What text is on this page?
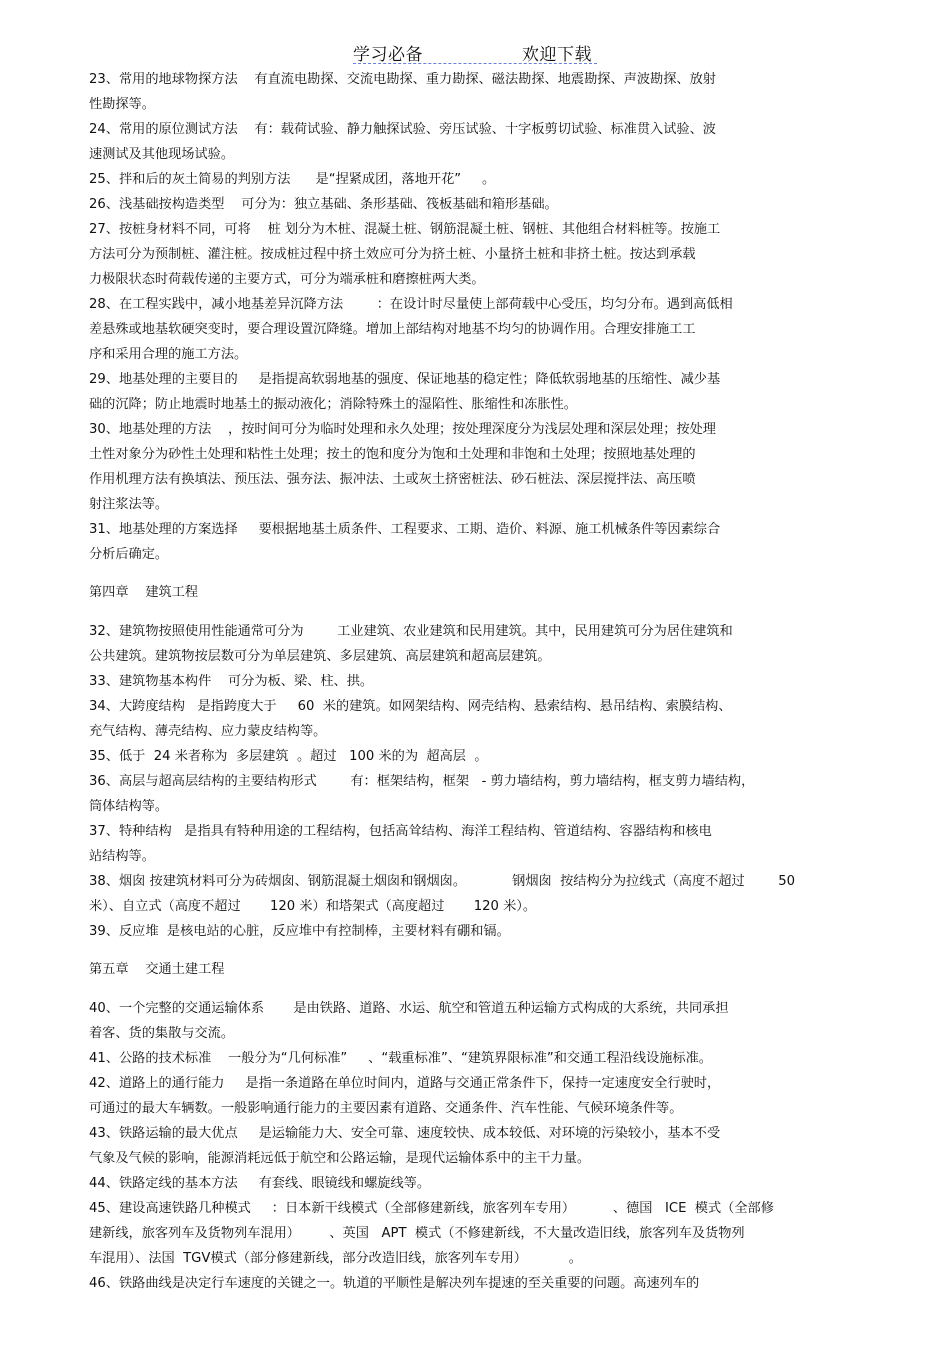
学习必备	欢迎下载
23、常用的地球物探方法    有直流电勘探、交流电勘探、重力勘探、磁法勘探、地震勘探、声波勘探、放射
性勘探等。
24、常用的原位测试方法    有：载荷试验、静力触探试验、旁压试验、十字板剪切试验、标准贯入试验、波
速测试及其他现场试验。
25、拌和后的灰土简易的判别方法      是“捏紧成团，落地开花”     。
26、浅基础按构造类型    可分为：独立基础、条形基础、筏板基础和箱形基础。
27、按桩身材料不同，可将    桩 划分为木桩、混凝土桩、钢筋混凝土桩、钢桩、其他组合材料桩等。按施工
方法可分为预制桩、灌注桩。按成桩过程中挤土效应可分为挤土桩、小量挤土桩和非挤土桩。按达到承载
力极限状态时荷载传递的主要方式，可分为端承桩和磨擦桩两大类。
28、在工程实践中，减小地基差异沉降方法        ：在设计时尽量使上部荷载中心受压，均匀分布。遇到高低相
差悬殊或地基软硬突变时，要合理设置沉降缝。增加上部结构对地基不均匀的协调作用。合理安排施工工
序和采用合理的施工方法。
29、地基处理的主要目的     是指提高软弱地基的强度、保证地基的稳定性；降低软弱地基的压缩性、减少基
础的沉降；防止地震时地基土的振动液化；消除特殊土的湿陷性、胀缩性和冻胀性。
30、地基处理的方法    ，按时间可分为临时处理和永久处理；按处理深度分为浅层处理和深层处理；按处理
土性对象分为砂性土处理和粘性土处理；按土的饱和度分为饱和土处理和非饱和土处理；按照地基处理的
作用机理方法有换填法、预压法、强夯法、振冲法、土或灰土挤密桩法、砂石桩法、深层搅拌法、高压喷
射注浆法等。
31、地基处理的方案选择     要根据地基土质条件、工程要求、工期、造价、料源、施工机械条件等因素综合
分析后确定。
第四章    建筑工程
32、建筑物按照使用性能通常可分为        工业建筑、农业建筑和民用建筑。其中，民用建筑可分为居住建筑和
公共建筑。建筑物按层数可分为单层建筑、多层建筑、高层建筑和超高层建筑。
33、建筑物基本构件    可分为板、梁、柱、拱。
34、大跨度结构   是指跨度大于     60  米的建筑。如网架结构、网壳结构、悬索结构、悬吊结构、索膜结构、
充气结构、薄壳结构、应力蒙皮结构等。
35、低于  24 米者称为  多层建筑  。超过   100 米的为  超高层  。
36、高层与超高层结构的主要结构形式        有：框架结构，框架   - 剪力墙结构，剪力墙结构，框支剪力墙结构，
筒体结构等。
37、特种结构   是指具有特种用途的工程结构，包括高耸结构、海洋工程结构、管道结构、容器结构和核电
站结构等。
38、烟囱 按建筑材料可分为砖烟囱、钢筋混凝土烟囱和钢烟囱。           钢烟囱  按结构分为拉线式（高度不超过        50
米）、自立式（高度不超过       120 米）和塔架式（高度超过       120 米）。
39、反应堆  是核电站的心脏，反应堆中有控制棒，主要材料有硼和镉。
第五章    交通土建工程
40、一个完整的交通运输体系       是由铁路、道路、水运、航空和管道五种运输方式构成的大系统，共同承担
着客、货的集散与交流。
41、公路的技术标准    一般分为“几何标准”     、“载重标准”、“建筑界限标准”和交通工程沿线设施标准。
42、道路上的通行能力     是指一条道路在单位时间内，道路与交通正常条件下，保持一定速度安全行驶时，
可通过的最大车辆数。一般影响通行能力的主要因素有道路、交通条件、汽车性能、气候环境条件等。
43、铁路运输的最大优点     是运输能力大、安全可靠、速度较快、成本较低、对环境的污染较小，基本不受
气象及气候的影响，能源消耗远低于航空和公路运输，是现代运输体系中的主干力量。
44、铁路定线的基本方法     有套线、眼镜线和螺旋线等。
45、建设高速铁路几种模式     ：日本新干线模式（全部修建新线，旅客列车专用）         、德国   ICE  模式（全部修
建新线，旅客列车及货物列车混用）       、英国   APT  模式（不修建新线，不大量改造旧线，旅客列车及货物列
车混用）、法国  TGV模式（部分修建新线，部分改造旧线，旅客列车专用）          。
46、铁路曲线是决定行车速度的关键之一。轨道的平顺性是解决列车提速的至关重要的问题。高速列车的
